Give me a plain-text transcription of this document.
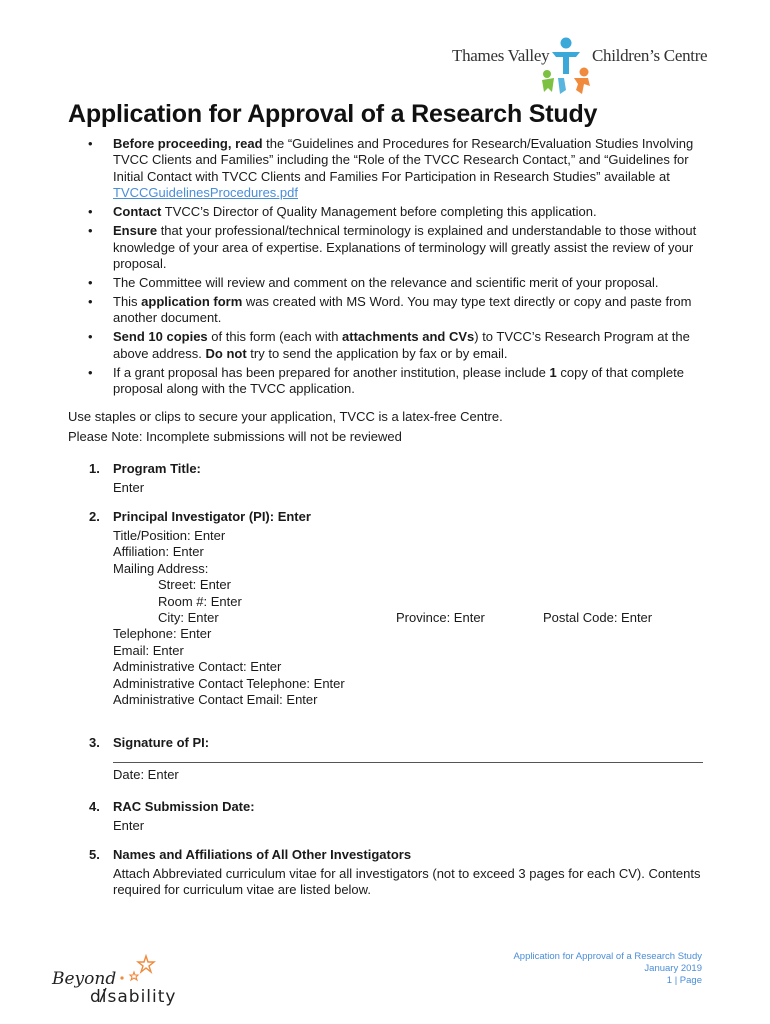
Thames Valley	Children’s Centre
Application for Approval of a Research Study
• Before proceeding, read the “Guidelines and Procedures for Research/Evaluation Studies Involving TVCC Clients and Families” including the “Role of the TVCC Research Contact,” and “Guidelines for Initial Contact with TVCC Clients and Families For Participation in Research Studies” available at TVCCGuidelinesProcedures.pdf
• Contact TVCC’s Director of Quality Management before completing this application.
• Ensure that your professional/technical terminology is explained and understandable to those without knowledge of your area of expertise. Explanations of terminology will greatly assist the review of your proposal.
• The Committee will review and comment on the relevance and scientific merit of your proposal.
• This application form was created with MS Word. You may type text directly or copy and paste from another document.
• Send 10 copies of this form (each with attachments and CVs) to TVCC’s Research Program at the above address. Do not try to send the application by fax or by email.
• If a grant proposal has been prepared for another institution, please include 1 copy of that complete proposal along with the TVCC application.
Use staples or clips to secure your application, TVCC is a latex-free Centre.
Please Note: Incomplete submissions will not be reviewed
1. Program Title:
Enter
2. Principal Investigator (PI): Enter
Title/Position: Enter
Affiliation: Enter
Mailing Address:
Street: Enter
Room #: Enter
City: Enter	Province: Enter	Postal Code: Enter
Telephone: Enter
Email: Enter
Administrative Contact: Enter
Administrative Contact Telephone: Enter
Administrative Contact Email: Enter
3. Signature of PI:
Date: Enter
4. RAC Submission Date:
Enter
5. Names and Affiliations of All Other Investigators
Attach Abbreviated curriculum vitae for all investigators (not to exceed 3 pages for each CV). Contents required for curriculum vitae are listed below.
Application for Approval of a Research Study
January 2019
1 | Page
Beyond
disability
